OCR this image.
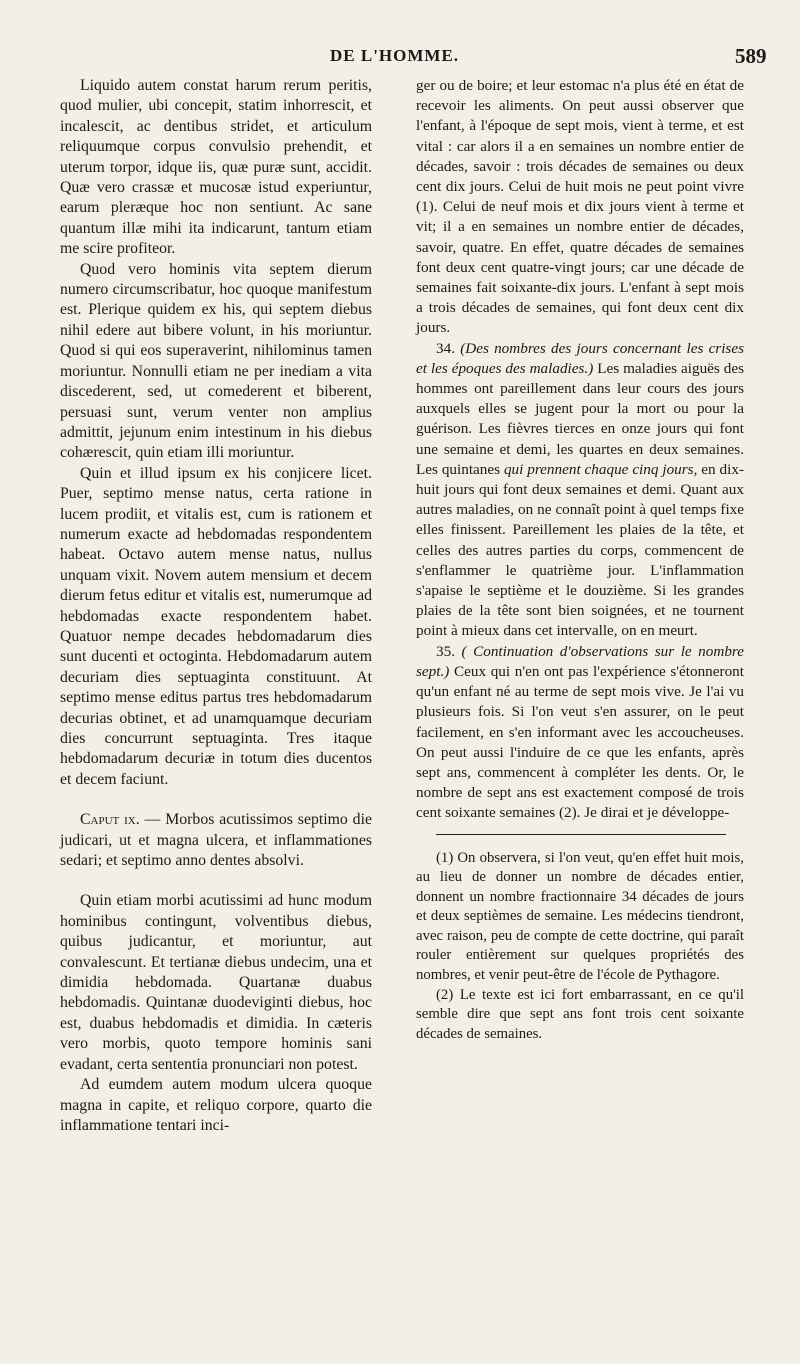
DE L'HOMME.	589

Liquido autem constat harum rerum peritis, quod mulier, ubi concepit, statim inhorrescit, et incalescit, ac dentibus stridet, et articulum reliquumque corpus convulsio prehendit, et uterum torpor, idque iis, quæ puræ sunt, accidit. Quæ vero crassæ et mucosæ istud experiuntur, earum pleræque hoc non sentiunt. Ac sane quantum illæ mihi ita indicarunt, tantum etiam me scire profiteor.

Quod vero hominis vita septem dierum numero circumscribatur, hoc quoque manifestum est. Plerique quidem ex his, qui septem diebus nihil edere aut bibere volunt, in his moriuntur. Quod si qui eos superaverint, nihilominus tamen moriuntur. Nonnulli etiam ne per inediam a vita discederent, sed, ut comederent et biberent, persuasi sunt, verum venter non amplius admittit, jejunum enim intestinum in his diebus cohærescit, quin etiam illi moriuntur.

Quin et illud ipsum ex his conjicere licet. Puer, septimo mense natus, certa ratione in lucem prodiit, et vitalis est, cum is rationem et numerum exacte ad hebdomadas respondentem habeat. Octavo autem mense natus, nullus unquam vixit. Novem autem mensium et decem dierum fetus editur et vitalis est, numerumque ad hebdomadas exacte respondentem habet. Quatuor nempe decades hebdomadarum dies sunt ducenti et octoginta. Hebdomadarum autem decuriam dies septuaginta constituunt. At septimo mense editus partus tres hebdomadarum decurias obtinet, et ad unamquamque decuriam dies concurrunt septuaginta. Tres itaque hebdomadarum decuriæ in totum dies ducentos et decem faciunt.

Caput ix. — Morbos acutissimos septimo die judicari, ut et magna ulcera, et inflammationes sedari; et septimo anno dentes absolvi.

Quin etiam morbi acutissimi ad hunc modum hominibus contingunt, volventibus diebus, quibus judicantur, et moriuntur, aut convalescunt. Et tertianæ diebus undecim, una et dimidia hebdomada. Quartanæ duabus hebdomadis. Quintanæ duodeviginti diebus, hoc est, duabus hebdomadis et dimidia. In cæteris vero morbis, quoto tempore hominis sani evadant, certa sententia pronunciari non potest.

Ad eumdem autem modum ulcera quoque magna in capite, et reliquo corpore, quarto die inflammatione tentari inci-

ger ou de boire; et leur estomac n'a plus été en état de recevoir les aliments. On peut aussi observer que l'enfant, à l'époque de sept mois, vient à terme, et est vital : car alors il a en semaines un nombre entier de décades, savoir : trois décades de semaines ou deux cent dix jours. Celui de huit mois ne peut point vivre (1). Celui de neuf mois et dix jours vient à terme et vit; il a en semaines un nombre entier de décades, savoir, quatre. En effet, quatre décades de semaines font deux cent quatre-vingt jours; car une décade de semaines fait soixante-dix jours. L'enfant à sept mois a trois décades de semaines, qui font deux cent dix jours.

34. (Des nombres des jours concernant les crises et les époques des maladies.) Les maladies aiguës des hommes ont pareillement dans leur cours des jours auxquels elles se jugent pour la mort ou pour la guérison. Les fièvres tierces en onze jours qui font une semaine et demi, les quartes en deux semaines. Les quintanes qui prennent chaque cinq jours, en dix-huit jours qui font deux semaines et demi. Quant aux autres maladies, on ne connaît point à quel temps fixe elles finissent. Pareillement les plaies de la tête, et celles des autres parties du corps, commencent de s'enflammer le quatrième jour. L'inflammation s'apaise le septième et le douzième. Si les grandes plaies de la tête sont bien soignées, et ne tournent point à mieux dans cet intervalle, on en meurt.

35. ( Continuation d'observations sur le nombre sept.) Ceux qui n'en ont pas l'expérience s'étonneront qu'un enfant né au terme de sept mois vive. Je l'ai vu plusieurs fois. Si l'on veut s'en assurer, on le peut facilement, en s'en informant avec les accoucheuses. On peut aussi l'induire de ce que les enfants, après sept ans, commencent à compléter les dents. Or, le nombre de sept ans est exactement composé de trois cent soixante semaines (2). Je dirai et je développe-

(1) On observera, si l'on veut, qu'en effet huit mois, au lieu de donner un nombre de décades entier, donnent un nombre fractionnaire 34 décades de jours et deux septièmes de semaine. Les médecins tiendront, avec raison, peu de compte de cette doctrine, qui paraît rouler entièrement sur quelques propriétés des nombres, et venir peut-être de l'école de Pythagore.

(2) Le texte est ici fort embarrassant, en ce qu'il semble dire que sept ans font trois cent soixante décades de semaines.
